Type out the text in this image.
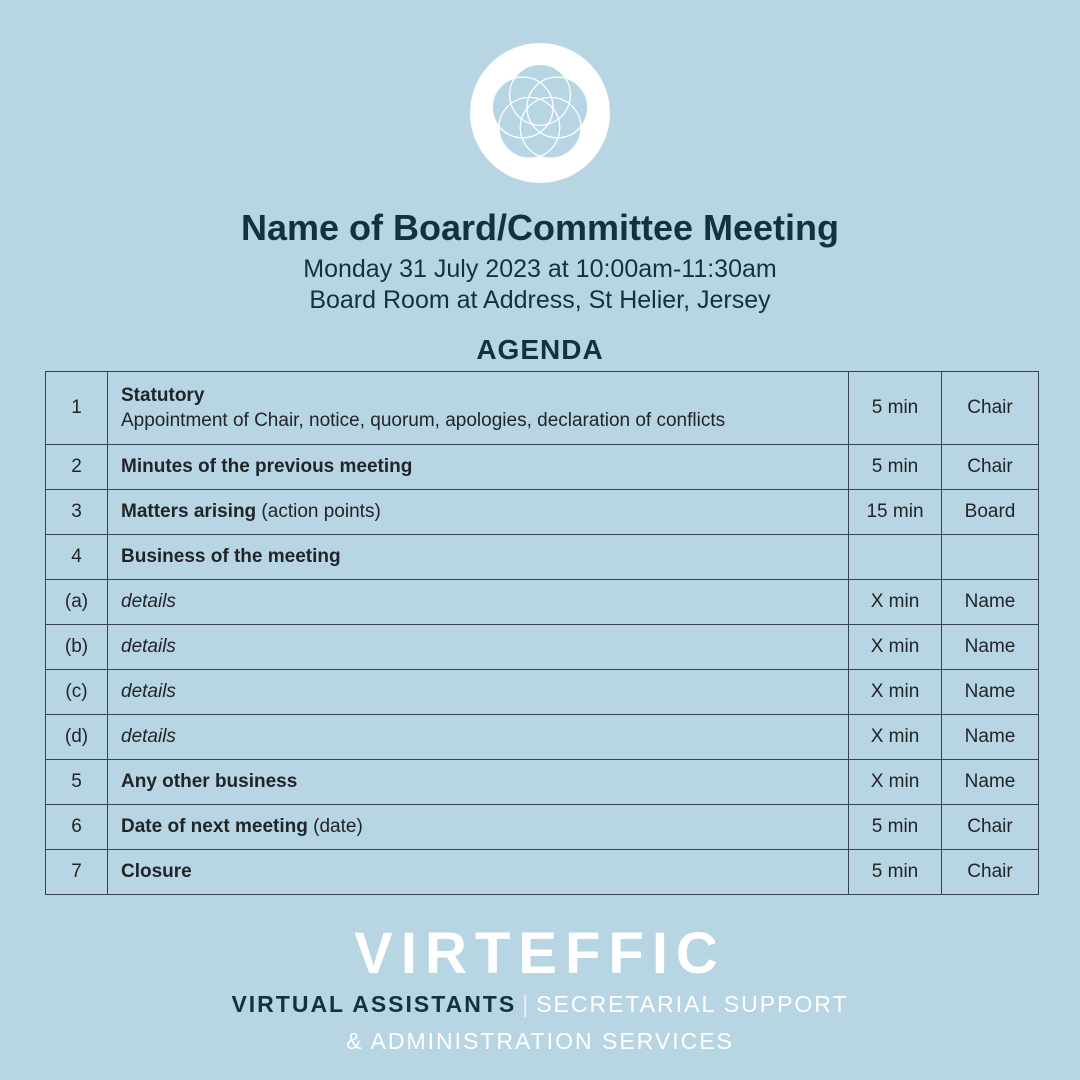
Name of Board/Committee Meeting
Monday 31 July 2023 at 10:00am-11:30am
Board Room at Address, St Helier, Jersey
AGENDA
1	Statutory
Appointment of Chair, notice, quorum, apologies, declaration of conflicts	5 min	Chair
2	Minutes of the previous meeting	5 min	Chair
3	Matters arising (action points)	15 min	Board
4	Business of the meeting		
(a)	details	X min	Name
(b)	details	X min	Name
(c)	details	X min	Name
(d)	details	X min	Name
5	Any other business	X min	Name
6	Date of next meeting (date)	5 min	Chair
7	Closure	5 min	Chair
VIRTEFFIC
VIRTUAL ASSISTANTS | SECRETARIAL SUPPORT
& ADMINISTRATION SERVICES
